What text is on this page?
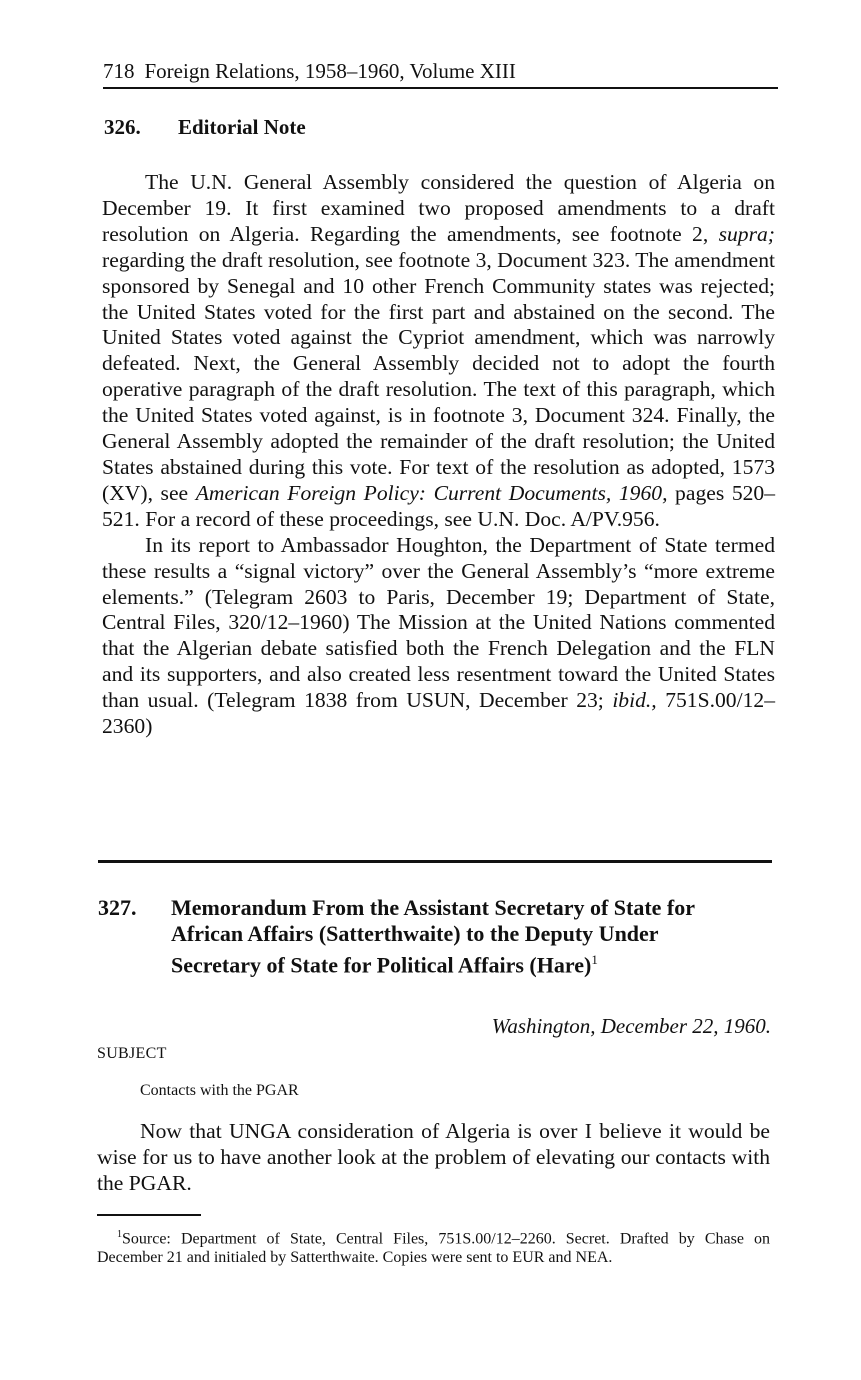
718 Foreign Relations, 1958–1960, Volume XIII
326. Editorial Note

The U.N. General Assembly considered the question of Algeria on December 19. It first examined two proposed amendments to a draft resolution on Algeria. Regarding the amendments, see footnote 2, supra; regarding the draft resolution, see footnote 3, Document 323. The amendment sponsored by Senegal and 10 other French Community states was rejected; the United States voted for the first part and abstained on the second. The United States voted against the Cypriot amendment, which was narrowly defeated. Next, the General Assembly decided not to adopt the fourth operative paragraph of the draft resolution. The text of this paragraph, which the United States voted against, is in footnote 3, Document 324. Finally, the General Assembly adopted the remainder of the draft resolution; the United States abstained during this vote. For text of the resolution as adopted, 1573 (XV), see American Foreign Policy: Current Documents, 1960, pages 520–521. For a record of these proceedings, see U.N. Doc. A/PV.956.

In its report to Ambassador Houghton, the Department of State termed these results a “signal victory” over the General Assembly’s “more extreme elements.” (Telegram 2603 to Paris, December 19; Department of State, Central Files, 320/12–1960) The Mission at the United Nations commented that the Algerian debate satisfied both the French Delegation and the FLN and its supporters, and also created less resentment toward the United States than usual. (Telegram 1838 from USUN, December 23; ibid., 751S.00/12–2360)

327.	Memorandum From the Assistant Secretary of State for African Affairs (Satterthwaite) to the Deputy Under Secretary of State for Political Affairs (Hare)$^1$
Washington, December 22, 1960.
SUBJECT
Contacts with the PGAR

Now that UNGA consideration of Algeria is over I believe it would be wise for us to have another look at the problem of elevating our contacts with the PGAR.

$^1$Source: Department of State, Central Files, 751S.00/12–2260. Secret. Drafted by Chase on December 21 and initialed by Satterthwaite. Copies were sent to EUR and NEA.
